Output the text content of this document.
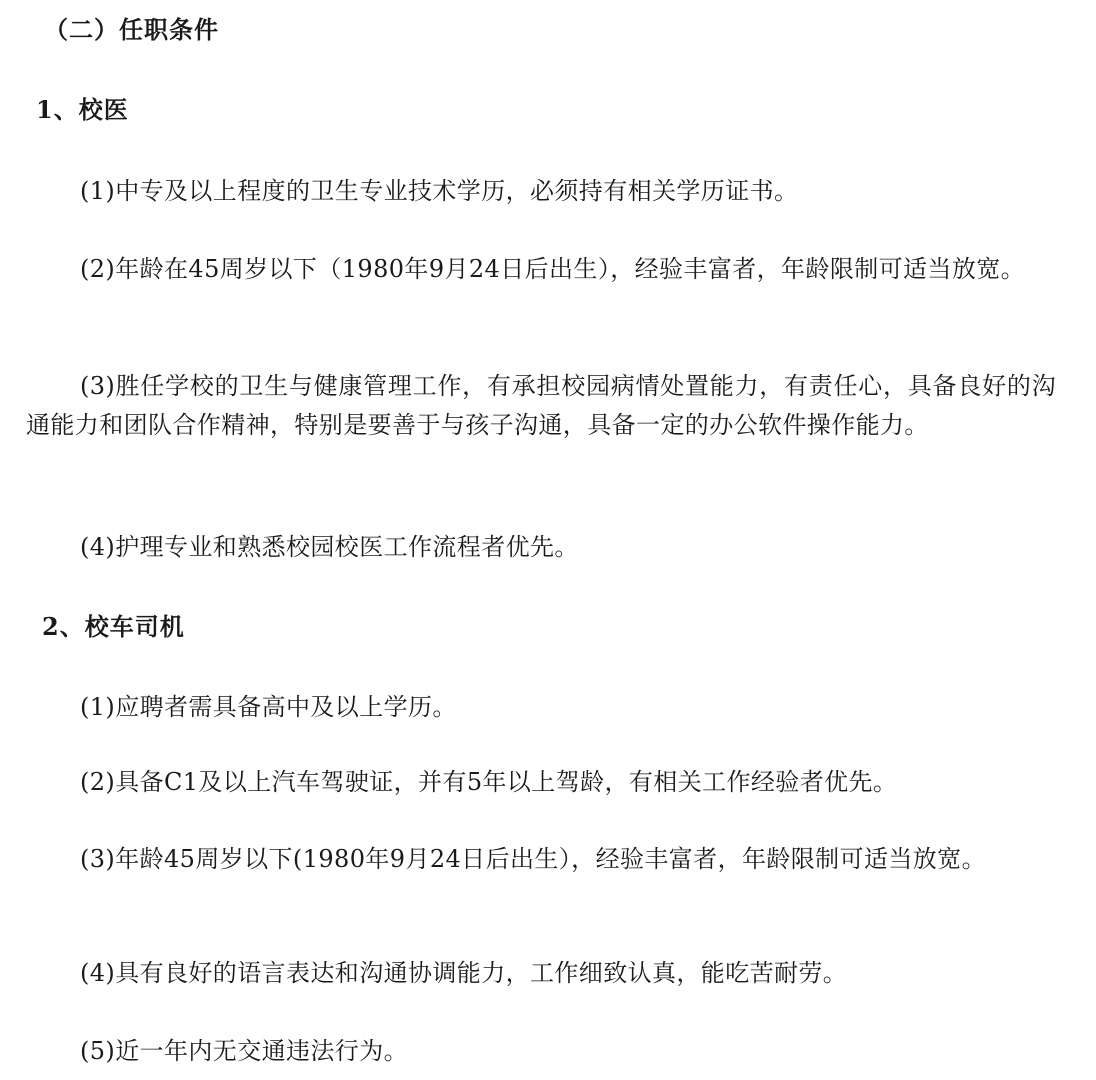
（二）任职条件
1、校医
(1)中专及以上程度的卫生专业技术学历，必须持有相关学历证书。
(2)年龄在45周岁以下（1980年9月24日后出生），经验丰富者，年龄限制可适当放宽。
(3)胜任学校的卫生与健康管理工作，有承担校园病情处置能力，有责任心，具备良好的沟通能力和团队合作精神，特别是要善于与孩子沟通，具备一定的办公软件操作能力。
(4)护理专业和熟悉校园校医工作流程者优先。
2、校车司机
(1)应聘者需具备高中及以上学历。
(2)具备C1及以上汽车驾驶证，并有5年以上驾龄，有相关工作经验者优先。
(3)年龄45周岁以下(1980年9月24日后出生），经验丰富者，年龄限制可适当放宽。
(4)具有良好的语言表达和沟通协调能力，工作细致认真，能吃苦耐劳。
(5)近一年内无交通违法行为。
